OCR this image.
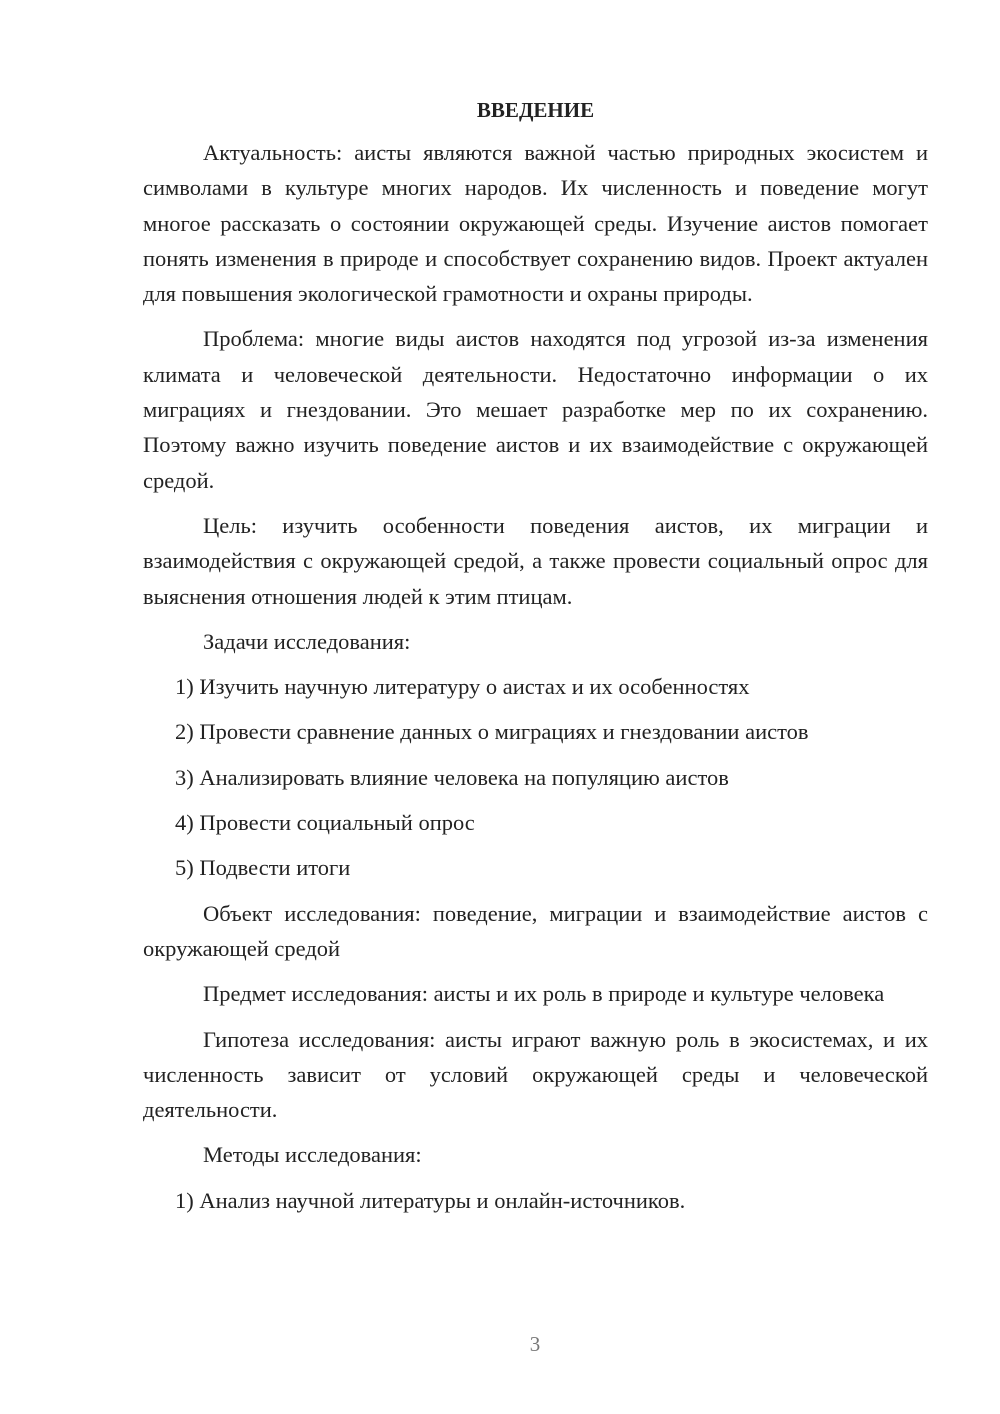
ВВЕДЕНИЕ

Актуальность: аисты являются важной частью природных экосистем и символами в культуре многих народов. Их численность и поведение могут многое рассказать о состоянии окружающей среды. Изучение аистов помогает понять изменения в природе и способствует сохранению видов. Проект актуален для повышения экологической грамотности и охраны природы.

Проблема: многие виды аистов находятся под угрозой из-за изменения климата и человеческой деятельности. Недостаточно информации о их миграциях и гнездовании. Это мешает разработке мер по их сохранению. Поэтому важно изучить поведение аистов и их взаимодействие с окружающей средой.

Цель: изучить особенности поведения аистов, их миграции и взаимодействия с окружающей средой, а также провести социальный опрос для выяснения отношения людей к этим птицам.

Задачи исследования:

1) Изучить научную литературу о аистах и их особенностях

2) Провести сравнение данных о миграциях и гнездовании аистов

3) Анализировать влияние человека на популяцию аистов

4) Провести социальный опрос

5) Подвести итоги

Объект исследования: поведение, миграции и взаимодействие аистов с окружающей средой

Предмет исследования: аисты и их роль в природе и культуре человека

Гипотеза исследования: аисты играют важную роль в экосистемах, и их численность зависит от условий окружающей среды и человеческой деятельности.

Методы исследования:

1) Анализ научной литературы и онлайн-источников.

3
